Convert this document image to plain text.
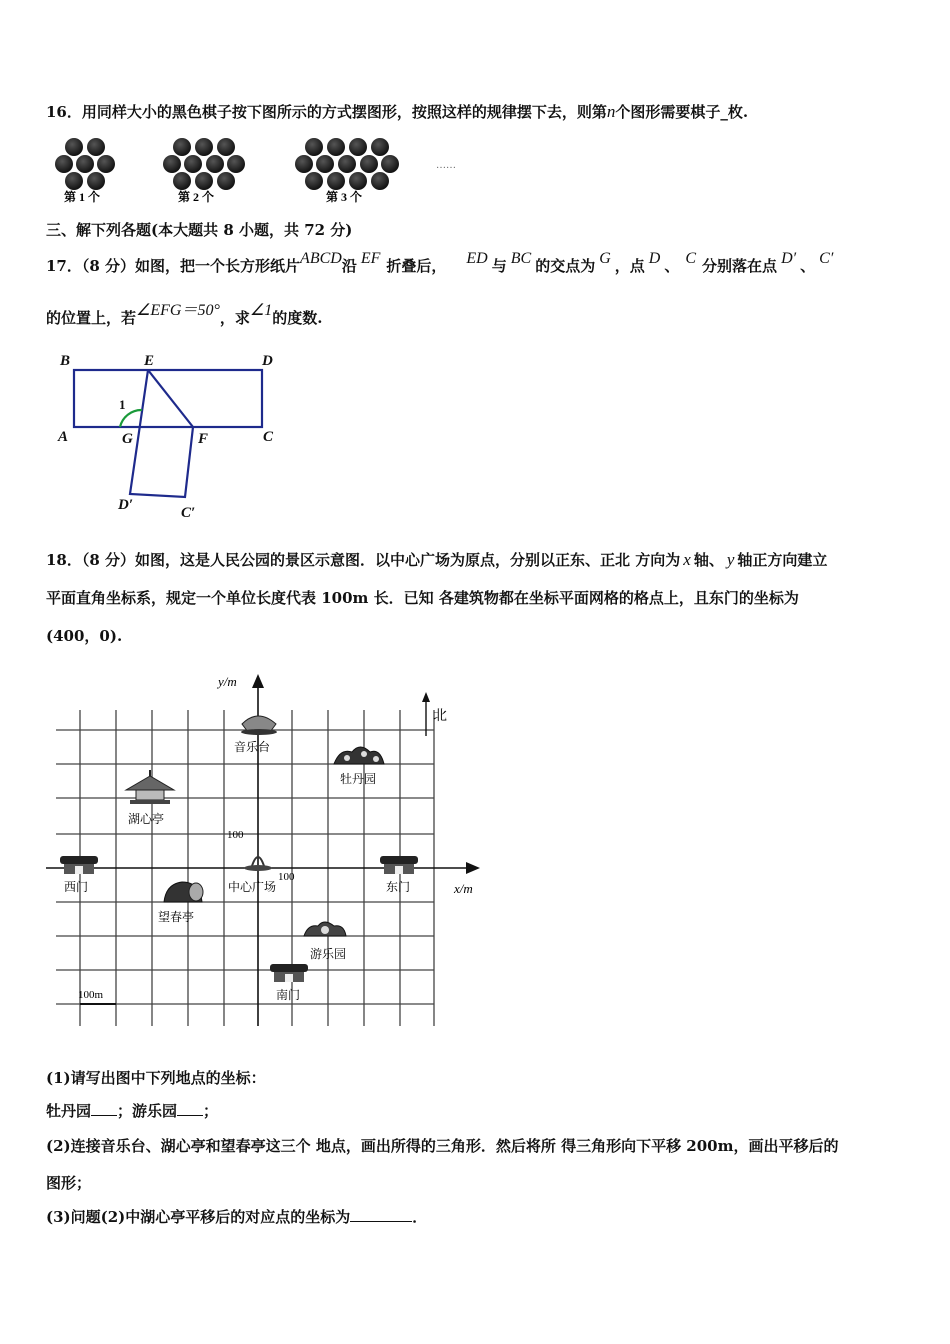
16．用同样大小的黑色棋子按下图所示的方式摆图形，按照这样的规律摆下去，则第n个图形需要棋子_枚.
第 1 个	第 2 个	第 3 个
……
三、解下列各题(本大题共 8 小题，共 72 分)
17．（8 分）如图，把一个长方形纸片ABCD沿 EF 折叠后， ED 与 BC 的交点为 G ，点 D 、 C 分别落在点 D′ 、 C′
的位置上，若∠EFG＝50°，求∠1的度数.
B	E	D
A	G	F	C
D′	C′
1
18．（8 分）如图，这是人民公园的景区示意图．以中心广场为原点，分别以正东、正北 方向为 x 轴、 y 轴正方向建立
平面直角坐标系，规定一个单位长度代表 100m 长．已知 各建筑物都在坐标平面网格的格点上，且东门的坐标为
(400，0).
y/m
x/m
北
100
100
100m
音乐台
牡丹园
湖心亭
西门	中心广场	东门
望春亭
游乐园
南门
(1)请写出图中下列地点的坐标：
牡丹园 ；游乐园 ；
(2)连接音乐台、湖心亭和望春亭这三个 地点，画出所得的三角形．然后将所 得三角形向下平移 200m，画出平移后的
图形；
(3)问题(2)中湖心亭平移后的对应点的坐标为	．
